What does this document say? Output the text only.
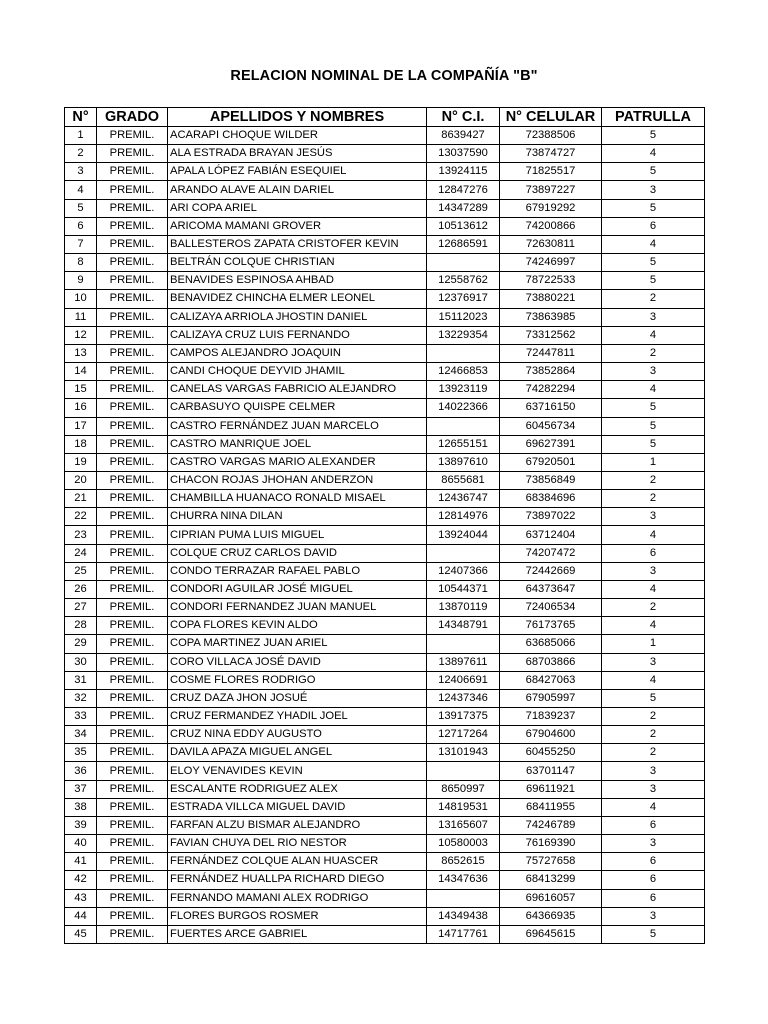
RELACION NOMINAL DE LA COMPAÑÍA "B"
N°	GRADO	APELLIDOS Y NOMBRES	N° C.I.	N° CELULAR	PATRULLA
1	PREMIL.	ACARAPI CHOQUE WILDER	8639427	72388506	5
2	PREMIL.	ALA ESTRADA BRAYAN JESÚS	13037590	73874727	4
3	PREMIL.	APALA LÓPEZ FABIÁN ESEQUIEL	13924115	71825517	5
4	PREMIL.	ARANDO ALAVE ALAIN DARIEL	12847276	73897227	3
5	PREMIL.	ARI COPA ARIEL	14347289	67919292	5
6	PREMIL.	ARICOMA MAMANI GROVER	10513612	74200866	6
7	PREMIL.	BALLESTEROS ZAPATA CRISTOFER KEVIN	12686591	72630811	4
8	PREMIL.	BELTRÁN COLQUE CHRISTIAN		74246997	5
9	PREMIL.	BENAVIDES ESPINOSA AHBAD	12558762	78722533	5
10	PREMIL.	BENAVIDEZ CHINCHA ELMER LEONEL	12376917	73880221	2
11	PREMIL.	CALIZAYA ARRIOLA JHOSTIN DANIEL	15112023	73863985	3
12	PREMIL.	CALIZAYA CRUZ LUIS FERNANDO	13229354	73312562	4
13	PREMIL.	CAMPOS ALEJANDRO JOAQUIN		72447811	2
14	PREMIL.	CANDI CHOQUE DEYVID JHAMIL	12466853	73852864	3
15	PREMIL.	CANELAS VARGAS FABRICIO ALEJANDRO	13923119	74282294	4
16	PREMIL.	CARBASUYO QUISPE CELMER	14022366	63716150	5
17	PREMIL.	CASTRO FERNÁNDEZ JUAN MARCELO		60456734	5
18	PREMIL.	CASTRO MANRIQUE JOEL	12655151	69627391	5
19	PREMIL.	CASTRO VARGAS MARIO ALEXANDER	13897610	67920501	1
20	PREMIL.	CHACON ROJAS JHOHAN ANDERZON	8655681	73856849	2
21	PREMIL.	CHAMBILLA HUANACO RONALD MISAEL	12436747	68384696	2
22	PREMIL.	CHURRA NINA DILAN	12814976	73897022	3
23	PREMIL.	CIPRIAN PUMA LUIS MIGUEL	13924044	63712404	4
24	PREMIL.	COLQUE CRUZ CARLOS DAVID		74207472	6
25	PREMIL.	CONDO TERRAZAR RAFAEL PABLO	12407366	72442669	3
26	PREMIL.	CONDORI AGUILAR JOSÉ MIGUEL	10544371	64373647	4
27	PREMIL.	CONDORI FERNANDEZ JUAN MANUEL	13870119	72406534	2
28	PREMIL.	COPA FLORES KEVIN ALDO	14348791	76173765	4
29	PREMIL.	COPA MARTINEZ JUAN ARIEL		63685066	1
30	PREMIL.	CORO VILLACA JOSÉ DAVID	13897611	68703866	3
31	PREMIL.	COSME FLORES RODRIGO	12406691	68427063	4
32	PREMIL.	CRUZ DAZA JHON JOSUÉ	12437346	67905997	5
33	PREMIL.	CRUZ FERMANDEZ YHADIL JOEL	13917375	71839237	2
34	PREMIL.	CRUZ NINA EDDY AUGUSTO	12717264	67904600	2
35	PREMIL.	DAVILA APAZA MIGUEL ANGEL	13101943	60455250	2
36	PREMIL.	ELOY VENAVIDES KEVIN		63701147	3
37	PREMIL.	ESCALANTE RODRIGUEZ ALEX	8650997	69611921	3
38	PREMIL.	ESTRADA VILLCA MIGUEL DAVID	14819531	68411955	4
39	PREMIL.	FARFAN ALZU BISMAR ALEJANDRO	13165607	74246789	6
40	PREMIL.	FAVIAN CHUYA DEL RIO NESTOR	10580003	76169390	3
41	PREMIL.	FERNÁNDEZ COLQUE ALAN HUASCER	8652615	75727658	6
42	PREMIL.	FERNÁNDEZ HUALLPA RICHARD DIEGO	14347636	68413299	6
43	PREMIL.	FERNANDO MAMANI ALEX RODRIGO		69616057	6
44	PREMIL.	FLORES BURGOS ROSMER	14349438	64366935	3
45	PREMIL.	FUERTES ARCE GABRIEL	14717761	69645615	5
